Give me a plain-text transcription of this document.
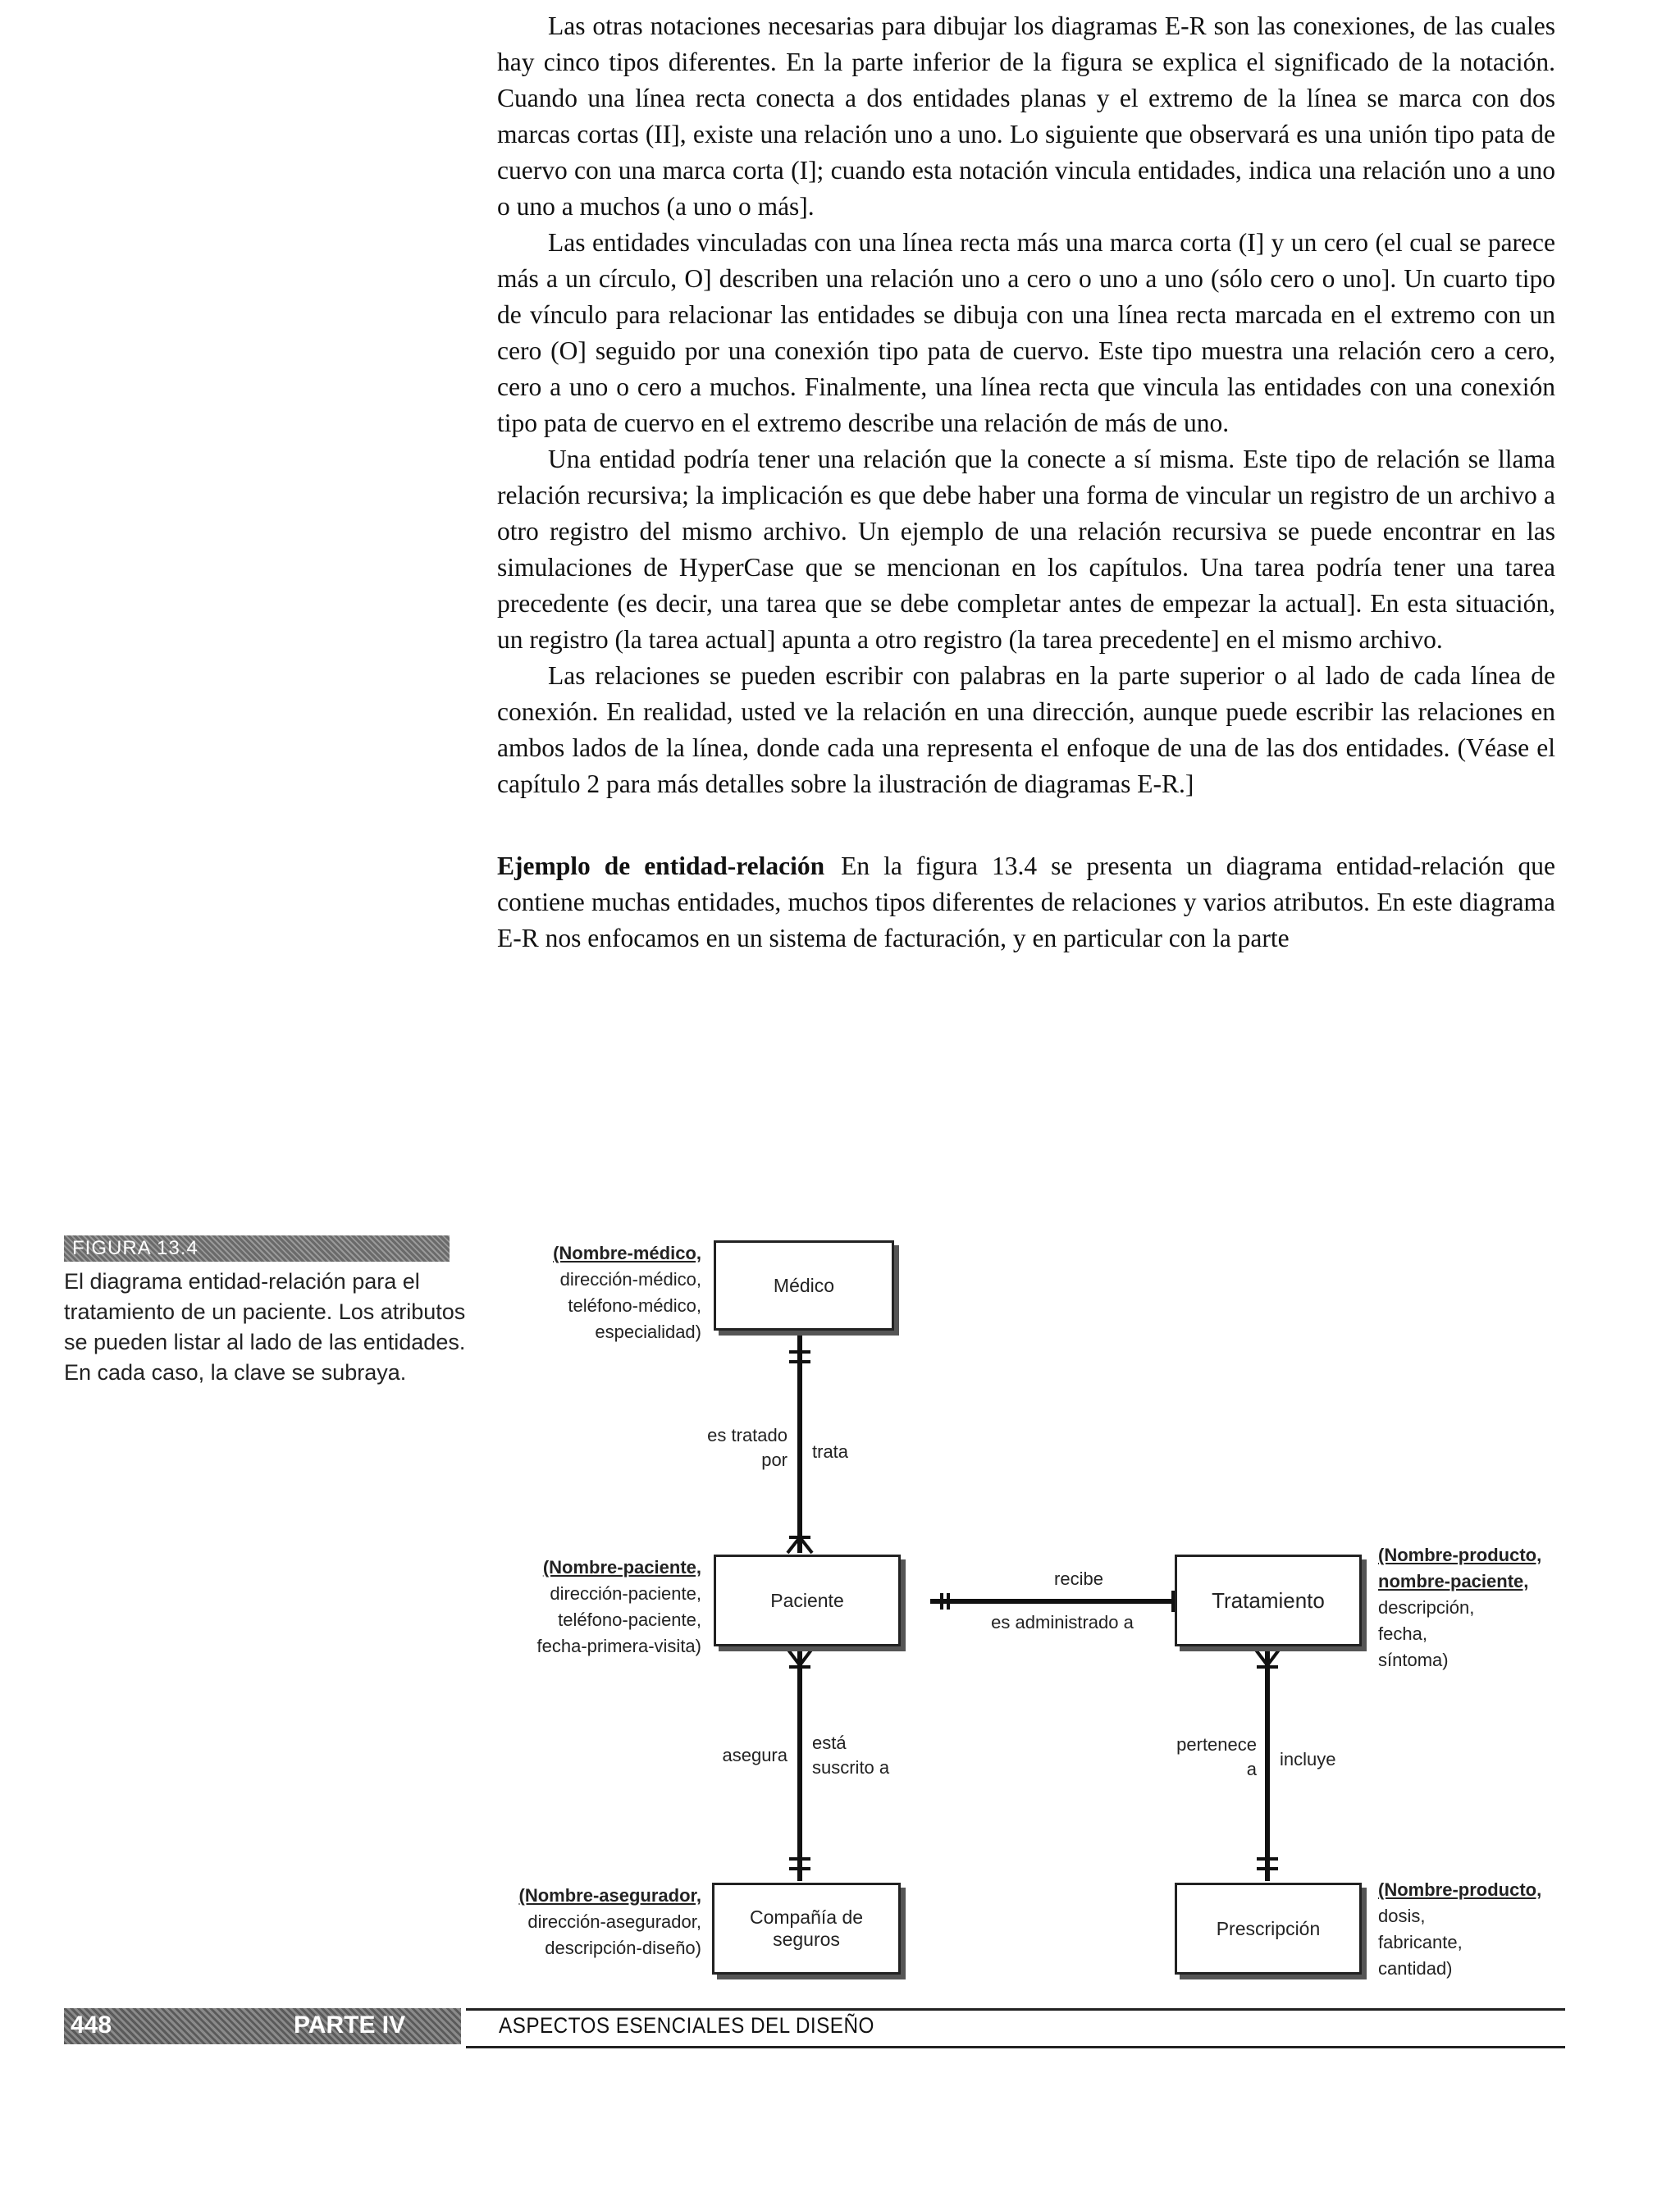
Las otras notaciones necesarias para dibujar los diagramas E-R son las conexiones, de las cuales hay cinco tipos diferentes. En la parte inferior de la figura se explica el significado de la notación. Cuando una línea recta conecta a dos entidades planas y el extremo de la línea se marca con dos marcas cortas (II], existe una relación uno a uno. Lo siguiente que observará es una unión tipo pata de cuervo con una marca corta (I]; cuando esta notación vincula entidades, indica una relación uno a uno o uno a muchos (a uno o más].

Las entidades vinculadas con una línea recta más una marca corta (I] y un cero (el cual se parece más a un círculo, O] describen una relación uno a cero o uno a uno (sólo cero o uno]. Un cuarto tipo de vínculo para relacionar las entidades se dibuja con una línea recta marcada en el extremo con un cero (O] seguido por una conexión tipo pata de cuervo. Este tipo muestra una relación cero a cero, cero a uno o cero a muchos. Finalmente, una línea recta que vincula las entidades con una conexión tipo pata de cuervo en el extremo describe una relación de más de uno.

Una entidad podría tener una relación que la conecte a sí misma. Este tipo de relación se llama relación recursiva; la implicación es que debe haber una forma de vincular un registro de un archivo a otro registro del mismo archivo. Un ejemplo de una relación recursiva se puede encontrar en las simulaciones de HyperCase que se mencionan en los capítulos. Una tarea podría tener una tarea precedente (es decir, una tarea que se debe completar antes de empezar la actual]. En esta situación, un registro (la tarea actual] apunta a otro registro (la tarea precedente] en el mismo archivo.

Las relaciones se pueden escribir con palabras en la parte superior o al lado de cada línea de conexión. En realidad, usted ve la relación en una dirección, aunque puede escribir las relaciones en ambos lados de la línea, donde cada una representa el enfoque de una de las dos entidades. (Véase el capítulo 2 para más detalles sobre la ilustración de diagramas E-R.]

Ejemplo de entidad-relación En la figura 13.4 se presenta un diagrama entidad-relación que contiene muchas entidades, muchos tipos diferentes de relaciones y varios atributos. En este diagrama E-R nos enfocamos en un sistema de facturación, y en particular con la parte

FIGURA 13.4
El diagrama entidad-relación para el tratamiento de un paciente. Los atributos se pueden listar al lado de las entidades. En cada caso, la clave se subraya.
Médico
Paciente	Tratamiento
Compañía de seguros
Prescripción
(Nombre-médico,
dirección-médico,
teléfono-médico,
especialidad)
(Nombre-paciente,
dirección-paciente,
teléfono-paciente,
fecha-primera-visita)
(Nombre-producto,
nombre-paciente,
descripción,
fecha,
síntoma)
(Nombre-asegurador,
dirección-asegurador,
descripción-diseño)
(Nombre-producto,
dosis,
fabricante,
cantidad)
es tratado por trata
recibe
es administrado a
asegura
está suscrito a
pertenece a incluye
448	PARTE IV	ASPECTOS ESENCIALES DEL DISEÑO
